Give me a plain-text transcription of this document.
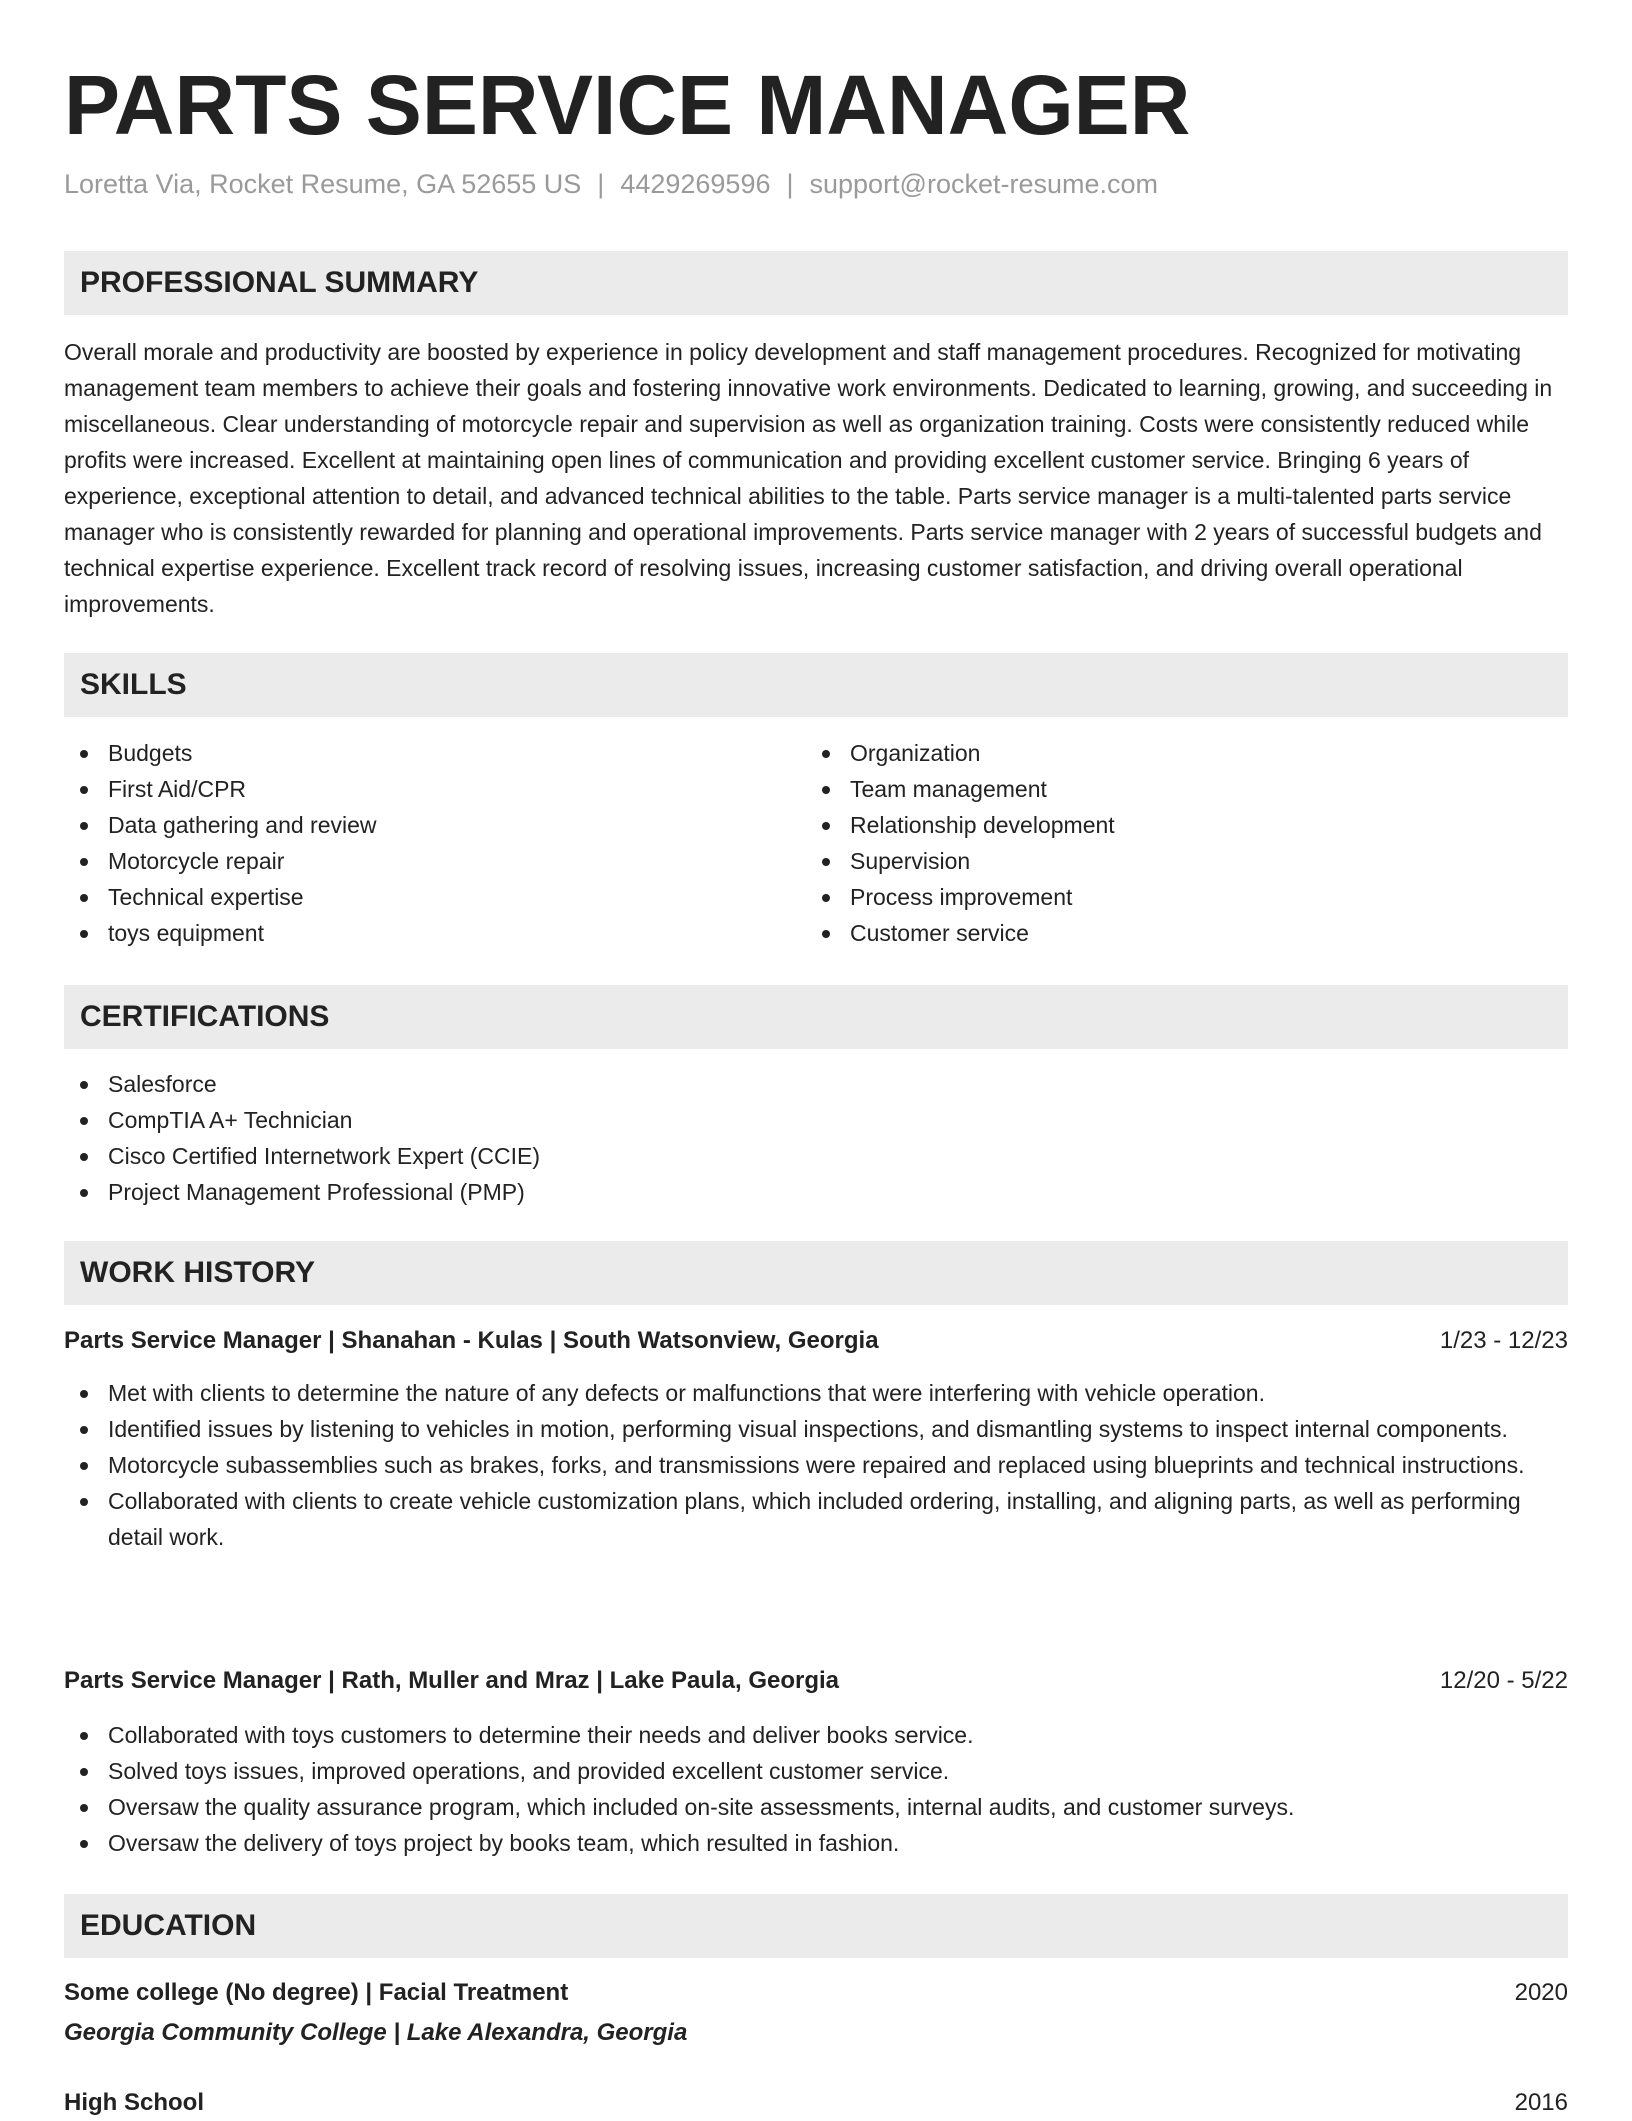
PARTS SERVICE MANAGER
Loretta Via, Rocket Resume, GA 52655 US | 4429269596 | support@rocket-resume.com
PROFESSIONAL SUMMARY
Overall morale and productivity are boosted by experience in policy development and staff management procedures. Recognized for motivating management team members to achieve their goals and fostering innovative work environments. Dedicated to learning, growing, and succeeding in miscellaneous. Clear understanding of motorcycle repair and supervision as well as organization training. Costs were consistently reduced while profits were increased. Excellent at maintaining open lines of communication and providing excellent customer service. Bringing 6 years of experience, exceptional attention to detail, and advanced technical abilities to the table. Parts service manager is a multi-talented parts service manager who is consistently rewarded for planning and operational improvements. Parts service manager with 2 years of successful budgets and technical expertise experience. Excellent track record of resolving issues, increasing customer satisfaction, and driving overall operational improvements.
SKILLS
Budgets
First Aid/CPR
Data gathering and review
Motorcycle repair
Technical expertise
toys equipment
Organization
Team management
Relationship development
Supervision
Process improvement
Customer service
CERTIFICATIONS
Salesforce
CompTIA A+ Technician
Cisco Certified Internetwork Expert (CCIE)
Project Management Professional (PMP)
WORK HISTORY
Parts Service Manager | Shanahan - Kulas | South Watsonview, Georgia	1/23 - 12/23
Met with clients to determine the nature of any defects or malfunctions that were interfering with vehicle operation.
Identified issues by listening to vehicles in motion, performing visual inspections, and dismantling systems to inspect internal components.
Motorcycle subassemblies such as brakes, forks, and transmissions were repaired and replaced using blueprints and technical instructions.
Collaborated with clients to create vehicle customization plans, which included ordering, installing, and aligning parts, as well as performing detail work.
Parts Service Manager | Rath, Muller and Mraz | Lake Paula, Georgia	12/20 - 5/22
Collaborated with toys customers to determine their needs and deliver books service.
Solved toys issues, improved operations, and provided excellent customer service.
Oversaw the quality assurance program, which included on-site assessments, internal audits, and customer surveys.
Oversaw the delivery of toys project by books team, which resulted in fashion.
EDUCATION
Some college (No degree) | Facial Treatment	2020
Georgia Community College | Lake Alexandra, Georgia
High School	2016
